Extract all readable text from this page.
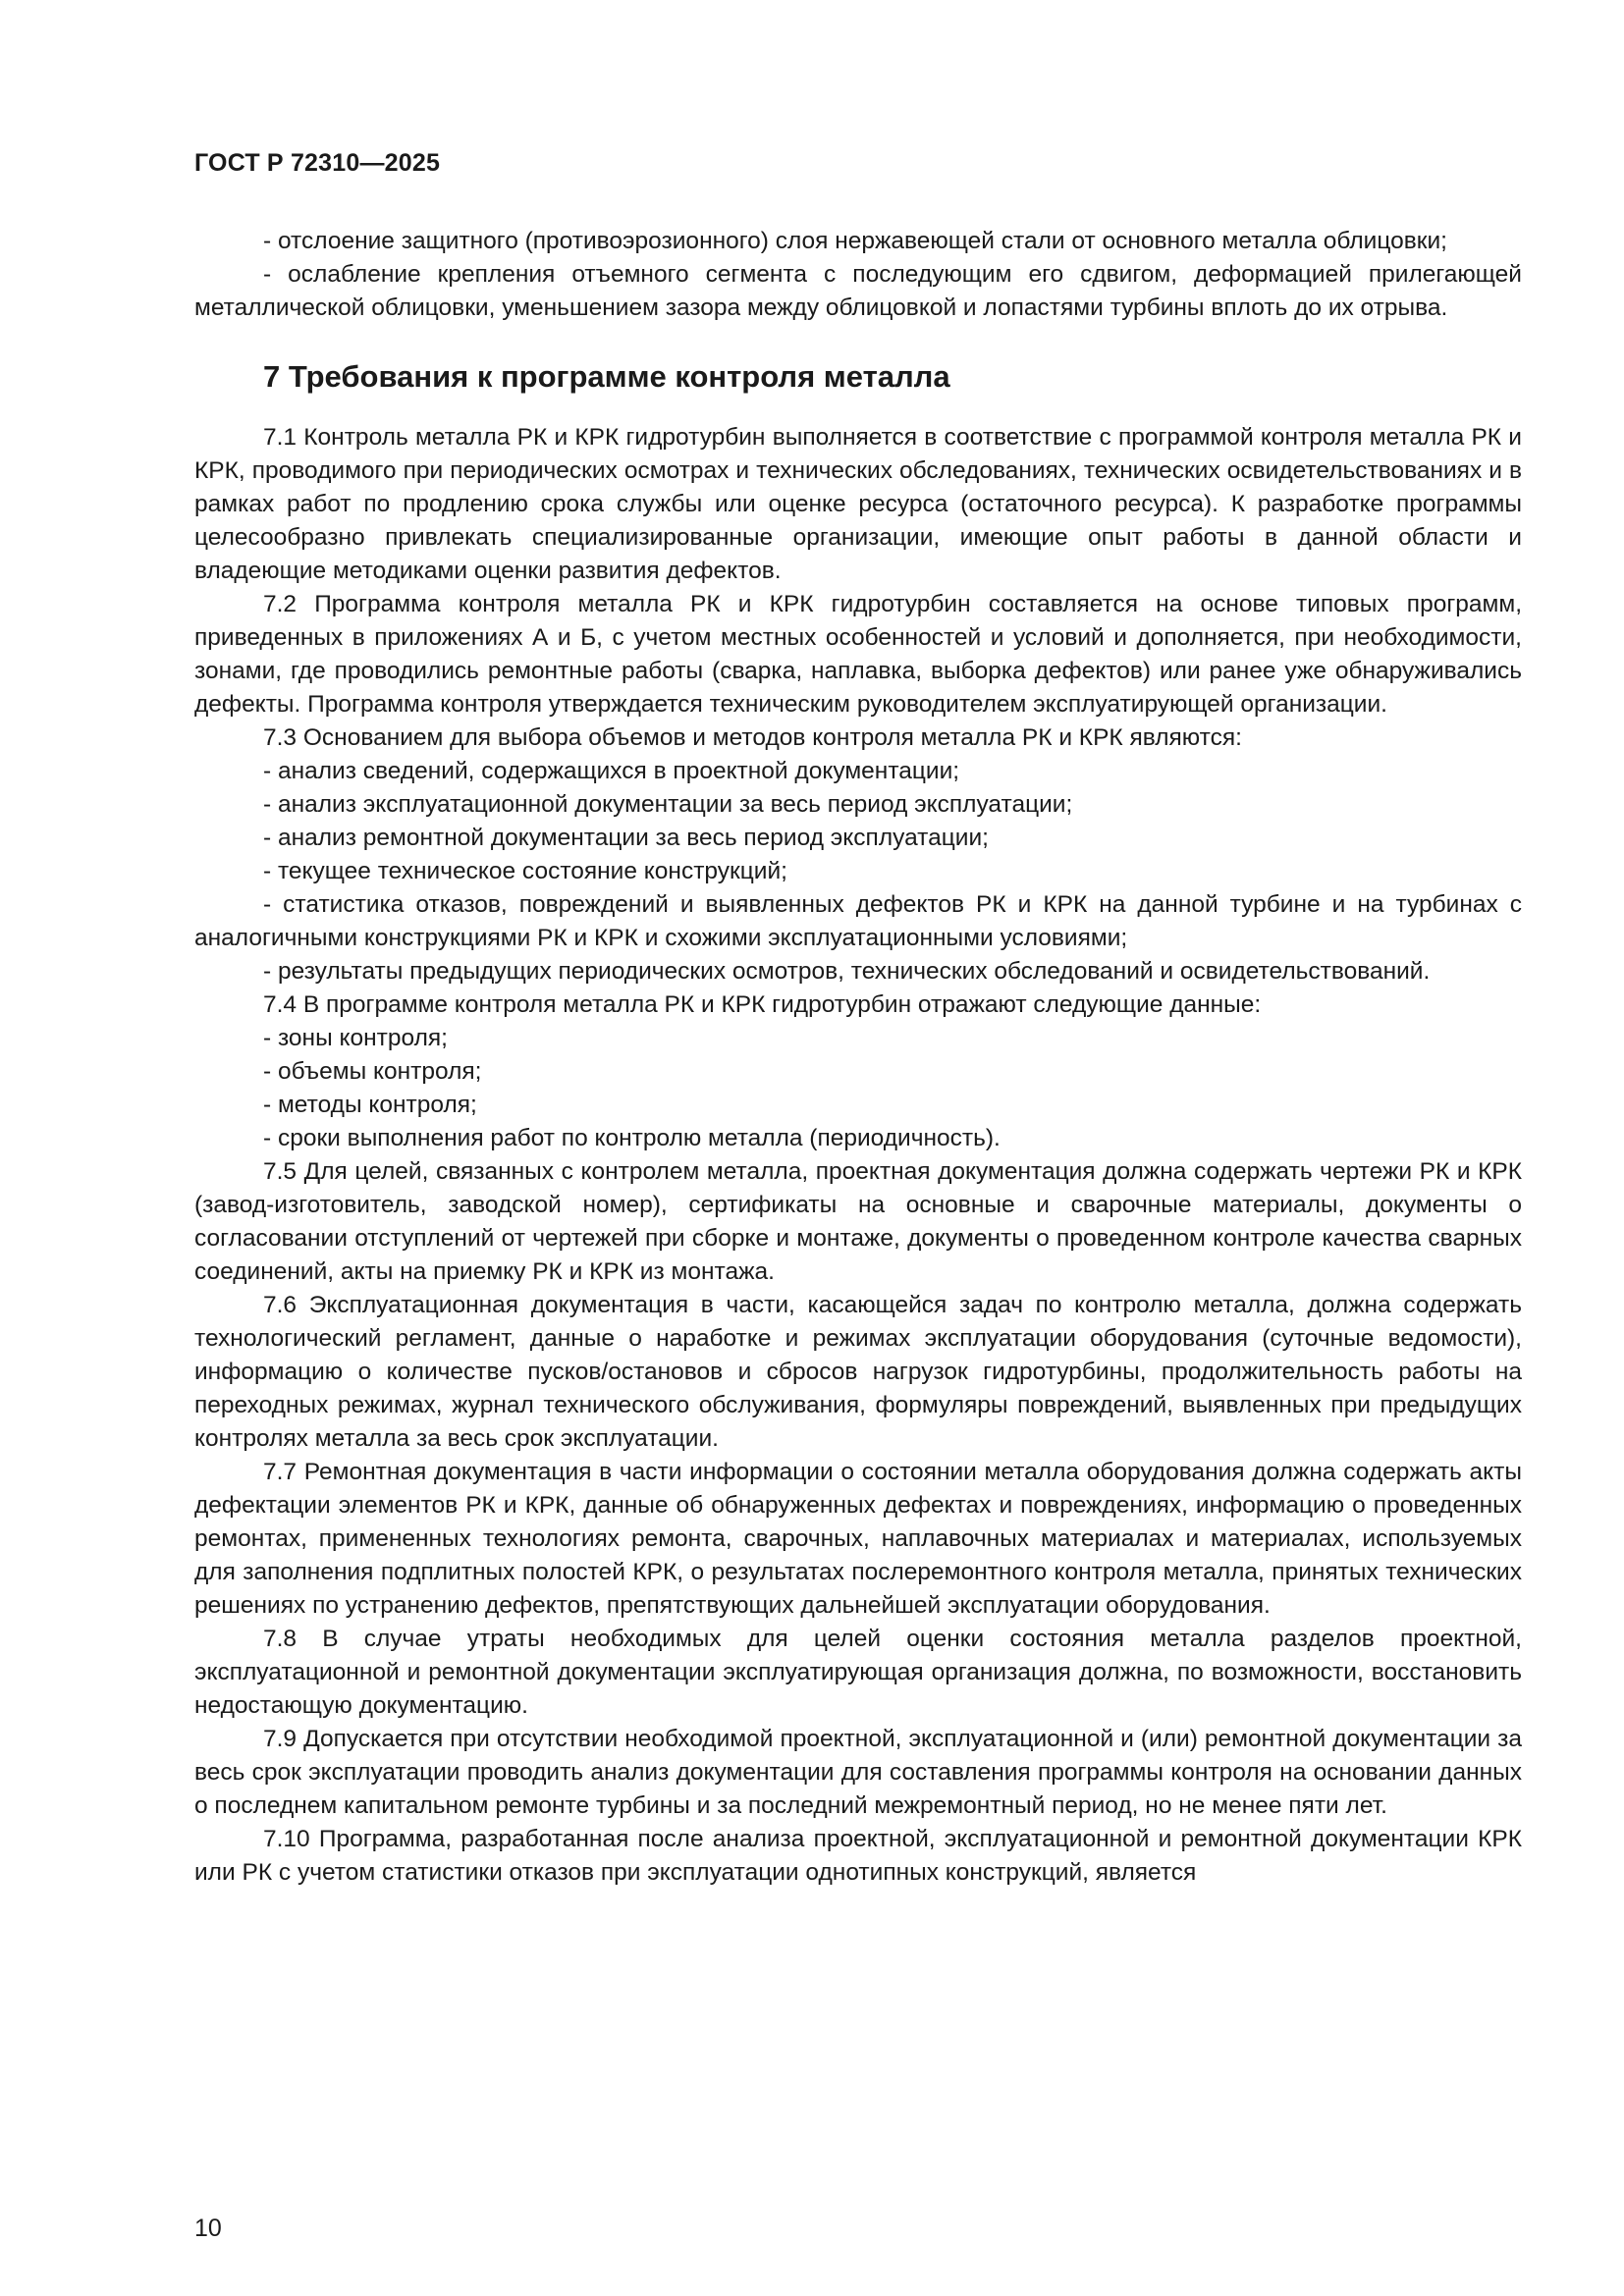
ГОСТ Р 72310—2025

- отслоение защитного (противоэрозионного) слоя нержавеющей стали от основного металла облицовки;

- ослабление крепления отъемного сегмента с последующим его сдвигом, деформацией прилегающей металлической облицовки, уменьшением зазора между облицовкой и лопастями турбины вплоть до их отрыва.

7 Требования к программе контроля металла

7.1 Контроль металла РК и КРК гидротурбин выполняется в соответствие с программой контроля металла РК и КРК, проводимого при периодических осмотрах и технических обследованиях, технических освидетельствованиях и в рамках работ по продлению срока службы или оценке ресурса (остаточного ресурса). К разработке программы целесообразно привлекать специализированные организации, имеющие опыт работы в данной области и владеющие методиками оценки развития дефектов.

7.2 Программа контроля металла РК и КРК гидротурбин составляется на основе типовых программ, приведенных в приложениях А и Б, с учетом местных особенностей и условий и дополняется, при необходимости, зонами, где проводились ремонтные работы (сварка, наплавка, выборка дефектов) или ранее уже обнаруживались дефекты. Программа контроля утверждается техническим руководителем эксплуатирующей организации.

7.3 Основанием для выбора объемов и методов контроля металла РК и КРК являются:

- анализ сведений, содержащихся в проектной документации;

- анализ эксплуатационной документации за весь период эксплуатации;

- анализ ремонтной документации за весь период эксплуатации;

- текущее техническое состояние конструкций;

- статистика отказов, повреждений и выявленных дефектов РК и КРК на данной турбине и на турбинах с аналогичными конструкциями РК и КРК и схожими эксплуатационными условиями;

- результаты предыдущих периодических осмотров, технических обследований и освидетельствований.

7.4 В программе контроля металла РК и КРК гидротурбин отражают следующие данные:

- зоны контроля;

- объемы контроля;

- методы контроля;

- сроки выполнения работ по контролю металла (периодичность).

7.5 Для целей, связанных с контролем металла, проектная документация должна содержать чертежи РК и КРК (завод-изготовитель, заводской номер), сертификаты на основные и сварочные материалы, документы о согласовании отступлений от чертежей при сборке и монтаже, документы о проведенном контроле качества сварных соединений, акты на приемку РК и КРК из монтажа.

7.6 Эксплуатационная документация в части, касающейся задач по контролю металла, должна содержать технологический регламент, данные о наработке и режимах эксплуатации оборудования (суточные ведомости), информацию о количестве пусков/остановов и сбросов нагрузок гидротурбины, продолжительность работы на переходных режимах, журнал технического обслуживания, формуляры повреждений, выявленных при предыдущих контролях металла за весь срок эксплуатации.

7.7 Ремонтная документация в части информации о состоянии металла оборудования должна содержать акты дефектации элементов РК и КРК, данные об обнаруженных дефектах и повреждениях, информацию о проведенных ремонтах, примененных технологиях ремонта, сварочных, наплавочных материалах и материалах, используемых для заполнения подплитных полостей КРК, о результатах послеремонтного контроля металла, принятых технических решениях по устранению дефектов, препятствующих дальнейшей эксплуатации оборудования.

7.8 В случае утраты необходимых для целей оценки состояния металла разделов проектной, эксплуатационной и ремонтной документации эксплуатирующая организация должна, по возможности, восстановить недостающую документацию.

7.9 Допускается при отсутствии необходимой проектной, эксплуатационной и (или) ремонтной документации за весь срок эксплуатации проводить анализ документации для составления программы контроля на основании данных о последнем капитальном ремонте турбины и за последний межремонтный период, но не менее пяти лет.

7.10 Программа, разработанная после анализа проектной, эксплуатационной и ремонтной документации КРК или РК с учетом статистики отказов при эксплуатации однотипных конструкций, является

10
